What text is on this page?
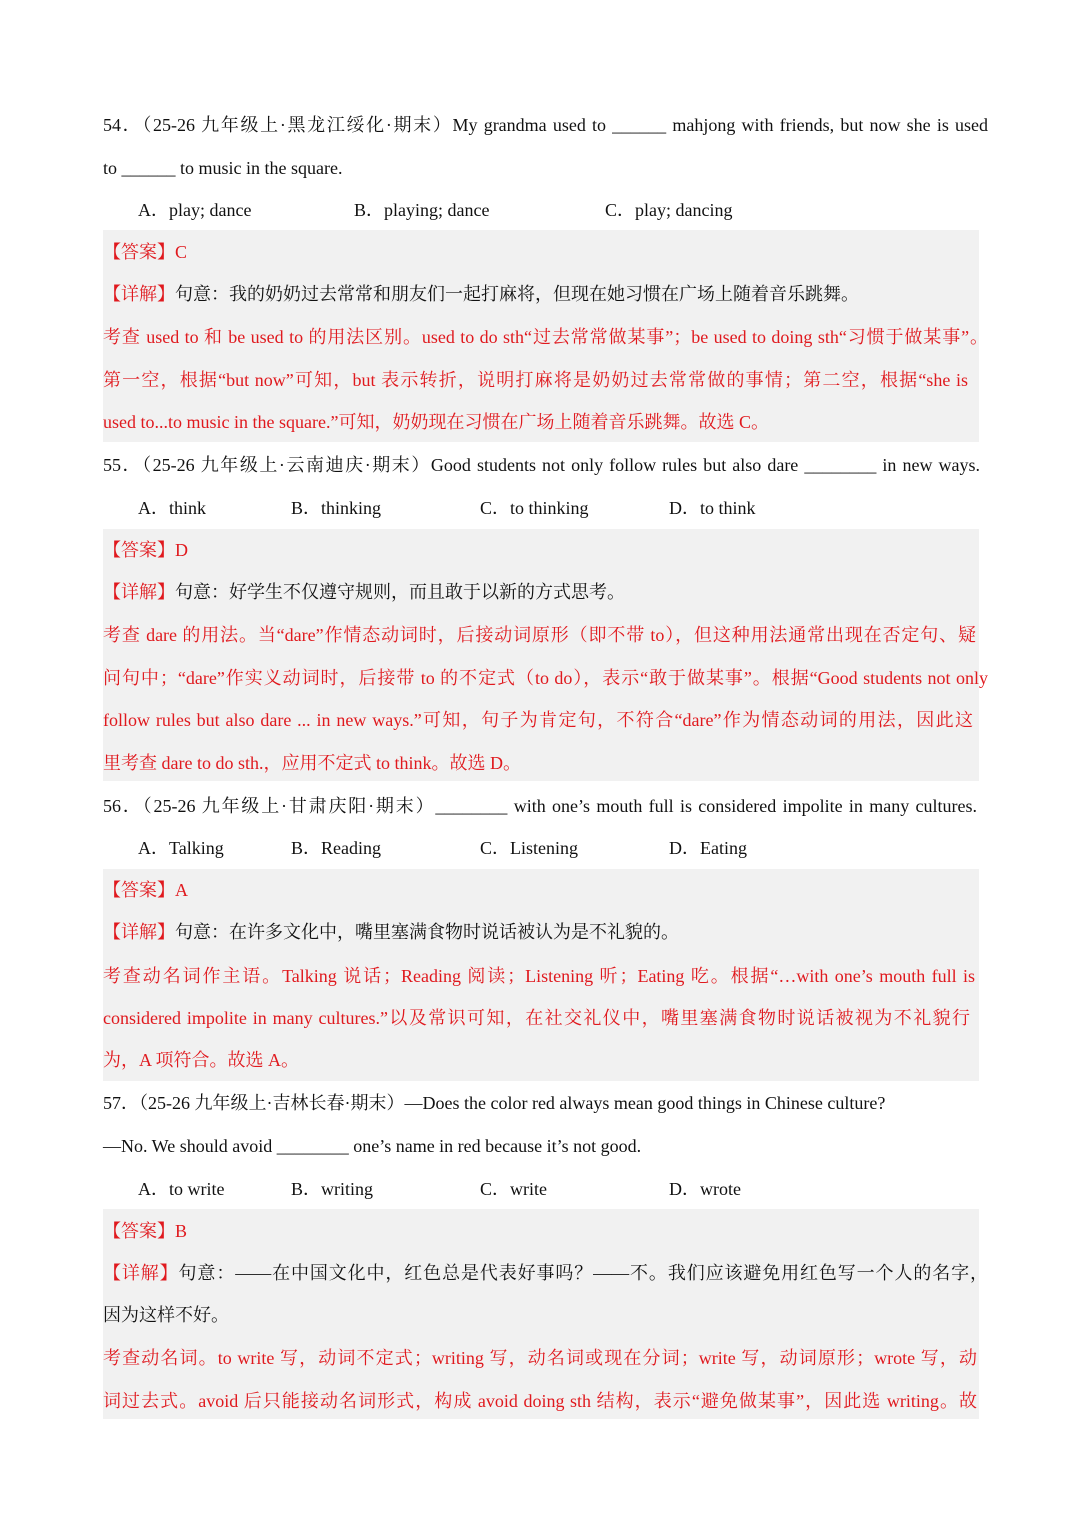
54．（25-26 九年级上·黑龙江绥化·期末）My grandma used to ______ mahjong with friends, but now she is used
to ______ to music in the square.
A．play; dance	B．playing; dance	C．play; dancing
【答案】C
【详解】句意：我的奶奶过去常常和朋友们一起打麻将，但现在她习惯在广场上随着音乐跳舞。
考查 used to 和 be used to 的用法区别。used to do sth“过去常常做某事”；be used to doing sth“习惯于做某事”。
第一空，根据“but now”可知，but 表示转折，说明打麻将是奶奶过去常常做的事情；第二空，根据“she is
used to...to music in the square.”可知，奶奶现在习惯在广场上随着音乐跳舞。故选 C。
55．（25-26 九年级上·云南迪庆·期末）Good students not only follow rules but also dare ________ in new ways.
A．think	B．thinking	C．to thinking	D．to think
【答案】D
【详解】句意：好学生不仅遵守规则，而且敢于以新的方式思考。
考查 dare 的用法。当“dare”作情态动词时，后接动词原形（即不带 to），但这种用法通常出现在否定句、疑
问句中；“dare”作实义动词时，后接带 to 的不定式（to do），表示“敢于做某事”。根据“Good students not only
follow rules but also dare ... in new ways.”可知，句子为肯定句，不符合“dare”作为情态动词的用法，因此这
里考查 dare to do sth.，应用不定式 to think。故选 D。
56．（25-26 九年级上·甘肃庆阳·期末）________ with one’s mouth full is considered impolite in many cultures.
A．Talking	B．Reading	C．Listening	D．Eating
【答案】A
【详解】句意：在许多文化中，嘴里塞满食物时说话被认为是不礼貌的。
考查动名词作主语。Talking 说话；Reading 阅读；Listening 听；Eating 吃。根据“…with one’s mouth full is
considered impolite in many cultures.”以及常识可知，在社交礼仪中，嘴里塞满食物时说话被视为不礼貌行
为，A 项符合。故选 A。
57．（25-26 九年级上·吉林长春·期末）—Does the color red always mean good things in Chinese culture?
—No. We should avoid ________ one’s name in red because it’s not good.
A．to write	B．writing	C．write	D．wrote
【答案】B
【详解】句意：——在中国文化中，红色总是代表好事吗？——不。我们应该避免用红色写一个人的名字，
因为这样不好。
考查动名词。to write 写，动词不定式；writing 写，动名词或现在分词；write 写，动词原形；wrote 写，动
词过去式。avoid 后只能接动名词形式，构成 avoid doing sth 结构，表示“避免做某事”，因此选 writing。故
